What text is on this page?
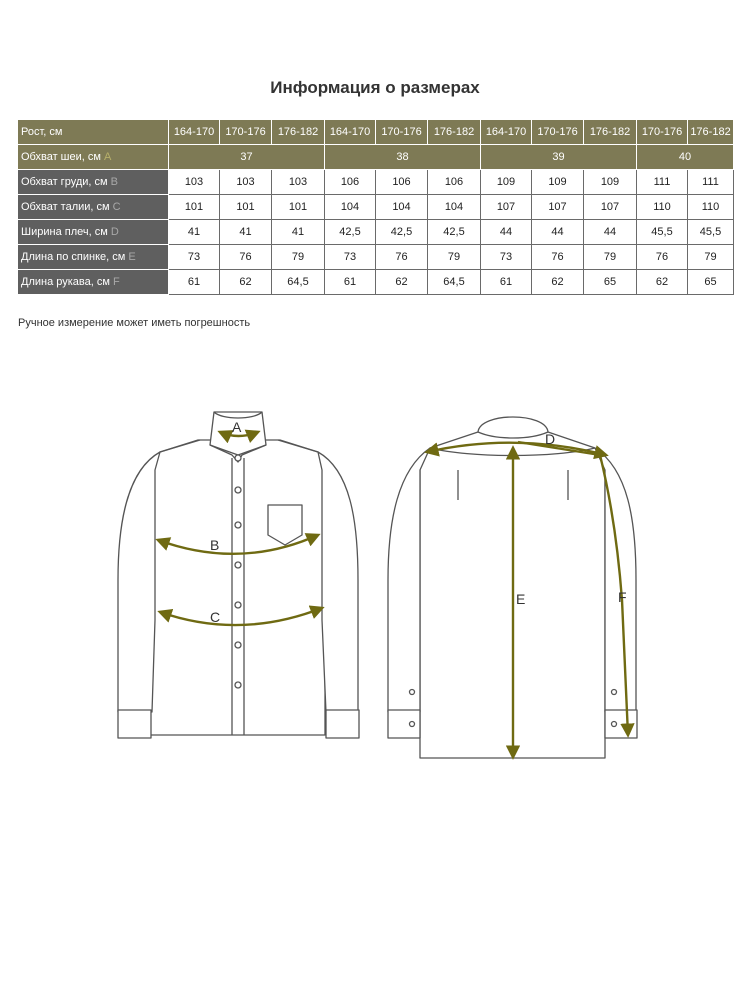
Информация о размерах
Рост, см	164-170	170-176	176-182	164-170	170-176	176-182	164-170	170-176	176-182	170-176	176-182
Обхват шеи, см A	37			38			39			40	
Обхват груди, см B	103	103	103	106	106	106	109	109	109	111	111
Обхват талии, см C	101	101	101	104	104	104	107	107	107	110	110
Ширина плеч, см D	41	41	41	42,5	42,5	42,5	44	44	44	45,5	45,5
Длина по спинке, см E	73	76	79	73	76	79	73	76	79	76	79
Длина рукава, см F	61	62	64,5	61	62	64,5	61	62	65	62	65
Ручное измерение может иметь погрешность
A
B
C
D
E	F
